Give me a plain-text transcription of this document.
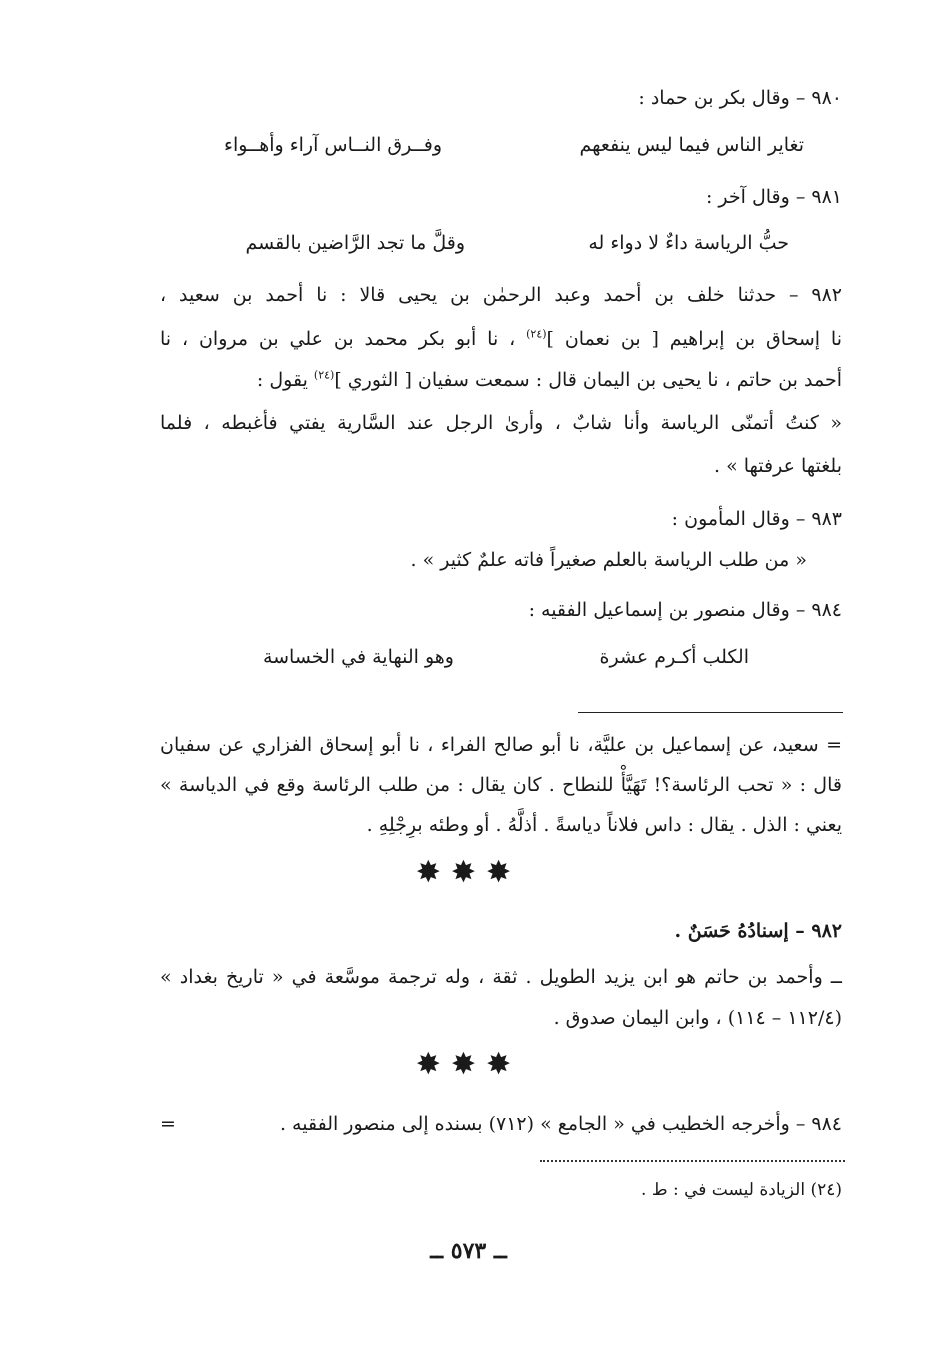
٩٨٠ – وقال بكر بن حماد :
تغاير الناس فيما ليس ينفعهم
وفــرق النــاس آراء وأهــواء
٩٨١ – وقال آخر :
حبُّ الرياسة داءٌ لا دواء له
وقلَّ ما تجد الرَّاضين بالقسم
٩٨٢ – حدثنا خلف بن أحمد وعبد الرحمٰن بن يحيى قالا : نا أحمد بن سعيد ،
نا إسحاق بن إبراهيم [ بن نعمان ]$^{(٢٤)}$ ، نا أبو بكر محمد بن علي بن مروان ، نا
أحمد بن حاتم ، نا يحيى بن اليمان قال : سمعت سفيان [ الثوري ]$^{(٢٤)}$ يقول :
« كنتُ أتمنّى الرياسة وأنا شابٌ ، وأرىٰ الرجل عند السَّارية يفتي فأغبطه ، فلما
بلغتها عرفتها » .
٩٨٣ – وقال المأمون :
« من طلب الرياسة بالعلم صغيراً فاته علمٌ كثير » .
٩٨٤ – وقال منصور بن إسماعيل الفقيه :
الكلب أكـرم عشرة
وهو النهاية في الخساسة
= سعيد، عن إسماعيل بن عليَّة، نا أبو صالح الفراء ، نا أبو إسحاق الفزاري عن سفيان
قال : « تحب الرئاسة؟! تَهَيَّأْ للنطاح . كان يقال : من طلب الرئاسة وقع في الدياسة »
يعني : الذل . يقال : داس فلاناً دياسةً . أذلَّهُ . أو وطئه برِجْلِهِ .
✸✸✸
٩٨٢ – إسنادُهُ حَسَنٌ .
ــ وأحمد بن حاتم هو ابن يزيد الطويل . ثقة ، وله ترجمة موسَّعة في « تاريخ بغداد »
(١١٢/٤ – ١١٤) ، وابن اليمان صدوق .
✸✸✸
٩٨٤ – وأخرجه الخطيب في « الجامع » (٧١٢) بسنده إلى منصور الفقيه .
=
(٢٤) الزيادة ليست في : ط .
ــ ٥٧٣ ــ
